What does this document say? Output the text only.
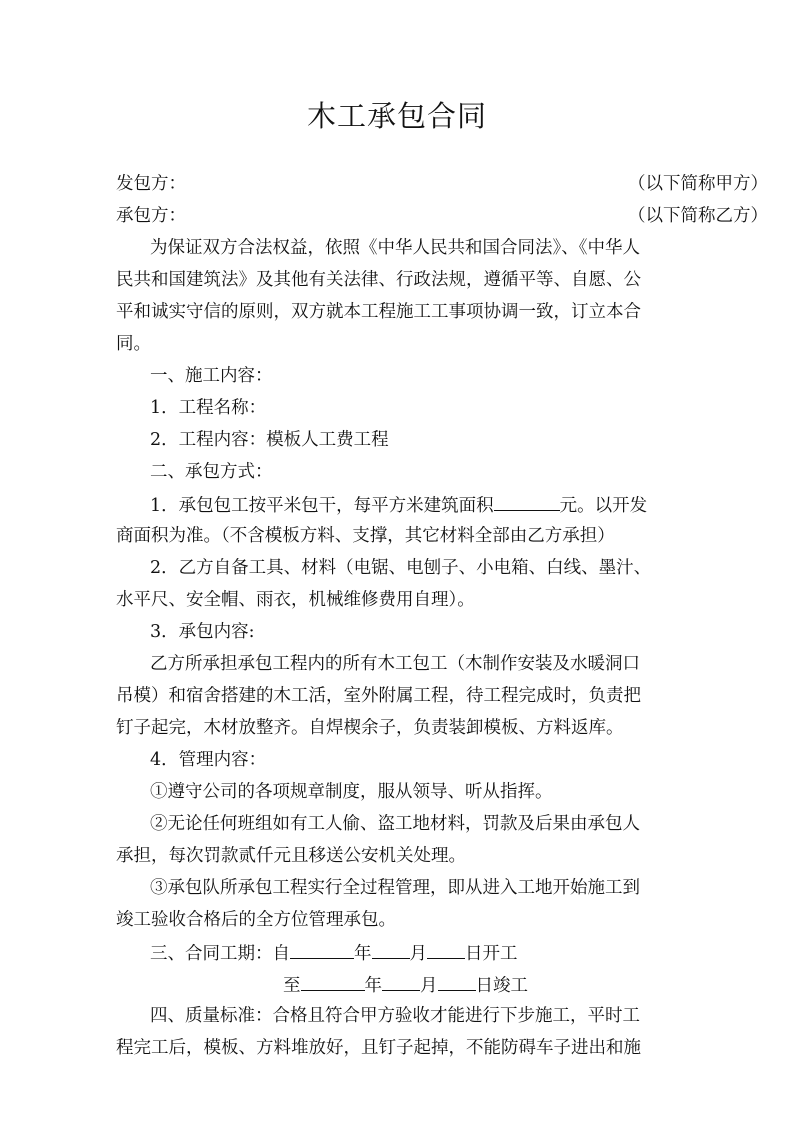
木工承包合同
发包方：	（以下简称甲方）
承包方：	（以下简称乙方）
为保证双方合法权益，依照《中华人民共和国合同法》、《中华人
民共和国建筑法》及其他有关法律、行政法规，遵循平等、自愿、公
平和诚实守信的原则，双方就本工程施工工事项协调一致，订立本合
同。
一、施工内容：
1．工程名称：
2．工程内容：模板人工费工程
二、承包方式：
1．承包包工按平米包干，每平方米建筑面积	元。以开发
商面积为准。（不含模板方料、支撑，其它材料全部由乙方承担）
2．乙方自备工具、材料（电锯、电刨子、小电箱、白线、墨汁、
水平尺、安全帽、雨衣，机械维修费用自理）。
3．承包内容:
乙方所承担承包工程内的所有木工包工（木制作安装及水暖洞口
吊模）和宿舍搭建的木工活，室外附属工程，待工程完成时，负责把
钉子起完，木材放整齐。自焊楔余子，负责装卸模板、方料返库。
4．管理内容：
①遵守公司的各项规章制度，服从领导、听从指挥。
②无论任何班组如有工人偷、盗工地材料，罚款及后果由承包人
承担，每次罚款贰仟元且移送公安机关处理。
③承包队所承包工程实行全过程管理，即从进入工地开始施工到
竣工验收合格后的全方位管理承包。
三、合同工期：自	年 月 日开工
至	年 月 日竣工
四、质量标准：合格且符合甲方验收才能进行下步施工，平时工
程完工后，模板、方料堆放好，且钉子起掉，不能防碍车子进出和施
